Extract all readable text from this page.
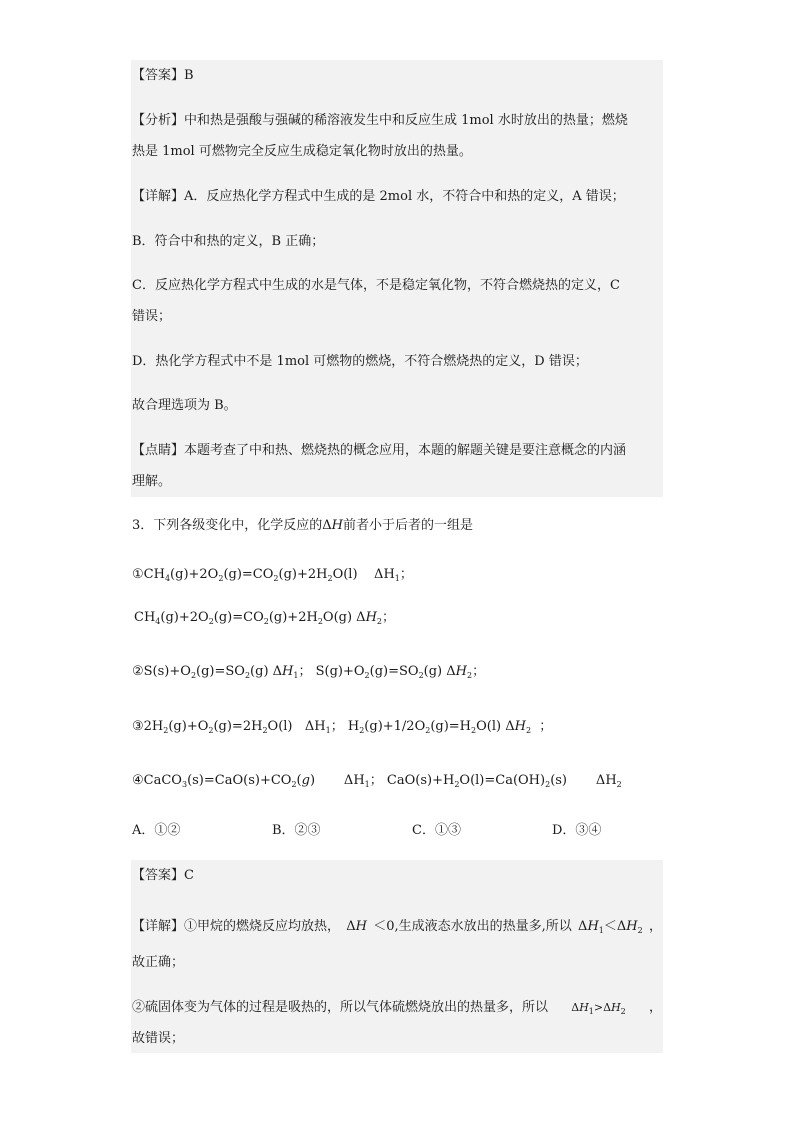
【答案】B
【分析】中和热是强酸与强碱的稀溶液发生中和反应生成 1mol 水时放出的热量；燃烧
热是 1mol 可燃物完全反应生成稳定氧化物时放出的热量。
【详解】A．反应热化学方程式中生成的是 2mol 水，不符合中和热的定义，A 错误；
B．符合中和热的定义，B 正确；
C．反应热化学方程式中生成的水是气体，不是稳定氧化物，不符合燃烧热的定义，C
错误；
D．热化学方程式中不是 1mol 可燃物的燃烧，不符合燃烧热的定义，D 错误；
故合理选项为 B。
【点睛】本题考查了中和热、燃烧热的概念应用，本题的解题关键是要注意概念的内涵
理解。
3．下列各级变化中，化学反应的ΔH前者小于后者的一组是
$①CH_4(g)+2O_2(g)=CO_2(g)+2H_2O(l)$    $\Delta H_1$；
$CH_4(g)+2O_2(g)=CO_2(g)+2H_2O(g)$ $\Delta H_2$；
$②S(s)+O_2(g)=SO_2(g)$ $\Delta H_1$； $S(g)+O_2(g)=SO_2(g)$ $\Delta H_2$；
$③2H_2(g)+O_2(g)=2H_2O(l)$   $\Delta H_1$； $H_2(g)+1/2O_2(g)=H_2O(l)$ $\Delta H_2$  ；
$④CaCO_3(s)=CaO(s)+CO_2(g)$       $\Delta H_1$； $CaO(s)+H_2O(l)=Ca(OH)_2(s)$       $\Delta H_2$
A．①②	B．②③	C．①③	D．③④
【答案】C
【详解】①甲烷的燃烧反应均放热， ΔH ＜0,生成液态水放出的热量多,所以 $\Delta H_1<\Delta H_2$ ，
故正确；
②硫固体变为气体的过程是吸热的，所以气体硫燃烧放出的热量多，所以 $\Delta H_1>\Delta H_2$ ，
故错误；
